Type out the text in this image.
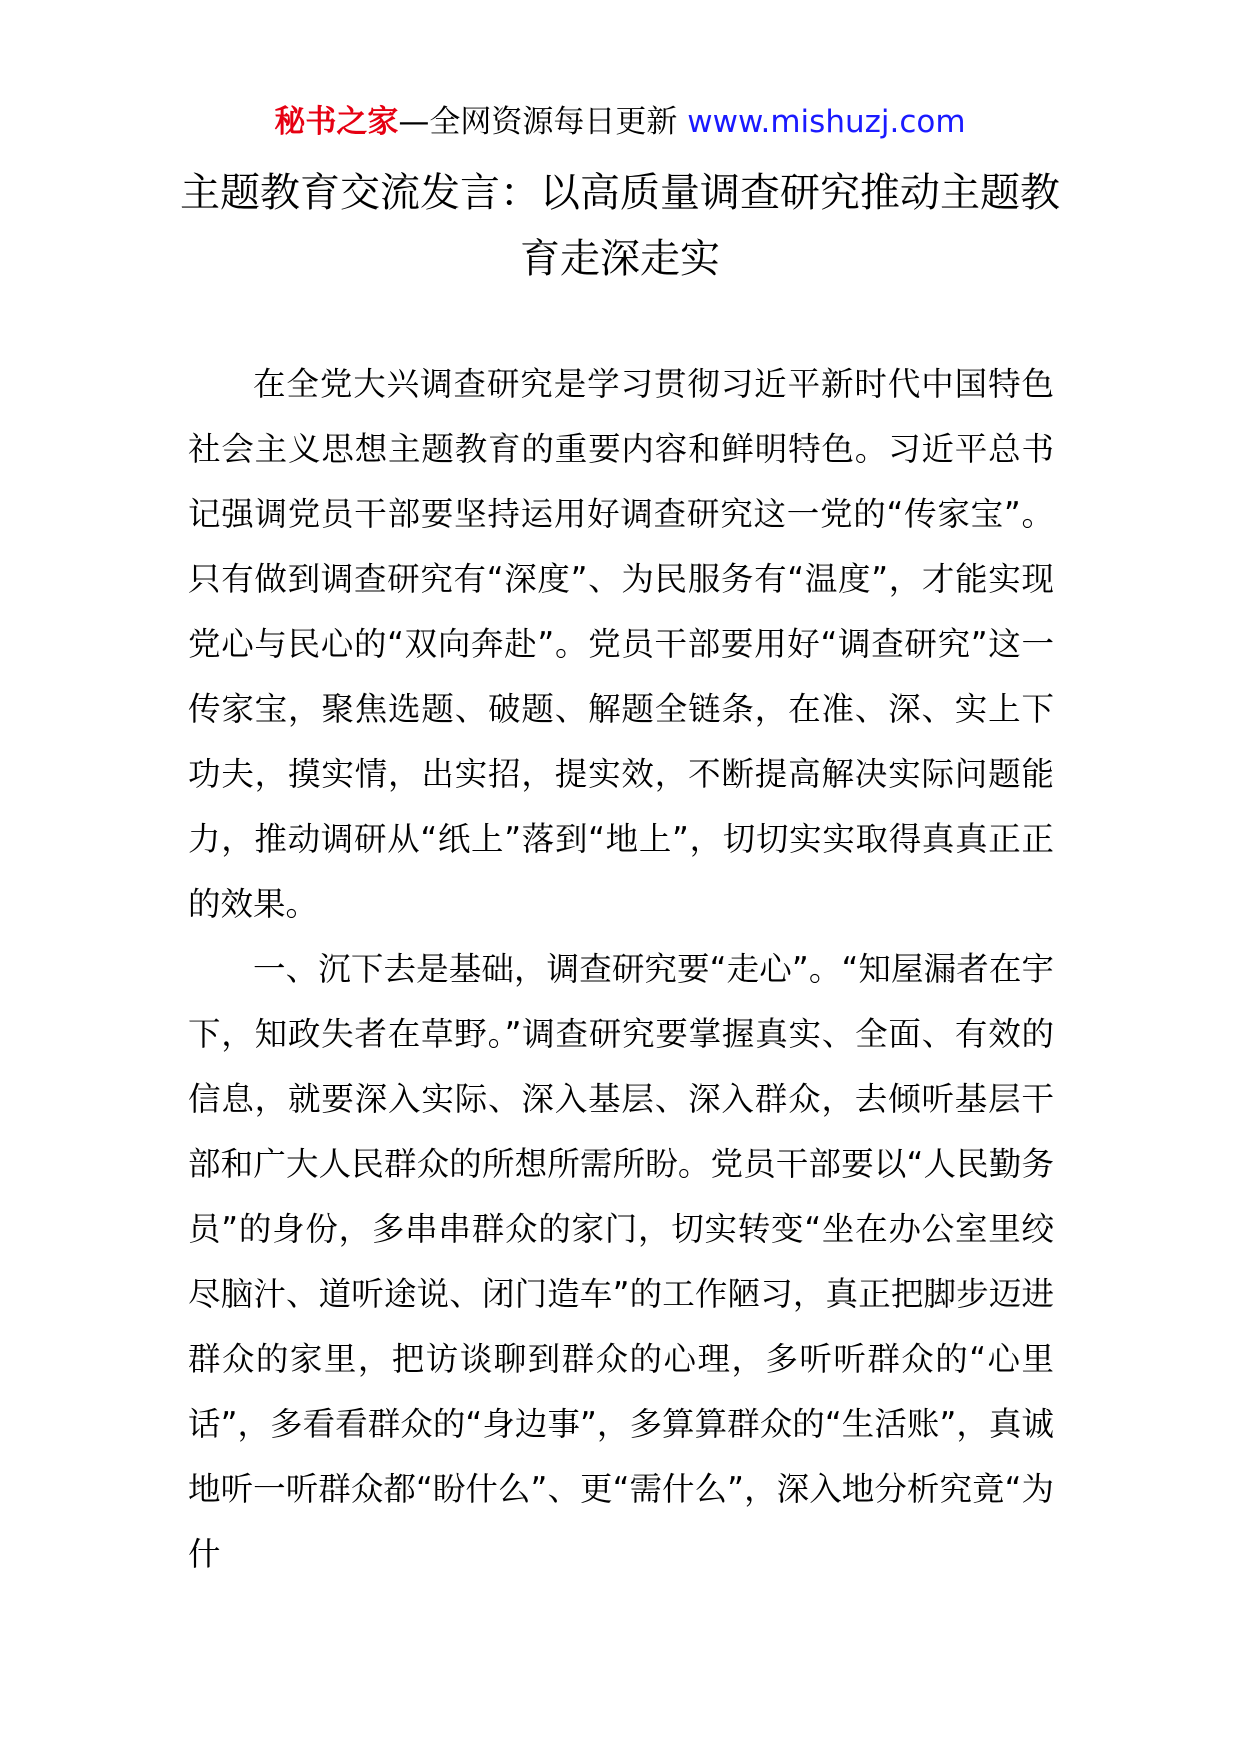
秘书之家—全网资源每日更新 www.mishuzj.com
主题教育交流发言：以高质量调查研究推动主题教育走深走实

在全党大兴调查研究是学习贯彻习近平新时代中国特色社会主义思想主题教育的重要内容和鲜明特色。习近平总书记强调党员干部要坚持运用好调查研究这一党的“传家宝”。只有做到调查研究有“深度”、为民服务有“温度”，才能实现党心与民心的“双向奔赴”。党员干部要用好“调查研究”这一传家宝，聚焦选题、破题、解题全链条，在准、深、实上下功夫，摸实情，出实招，提实效，不断提高解决实际问题能力，推动调研从“纸上”落到“地上”，切切实实取得真真正正的效果。

一、沉下去是基础，调查研究要“走心”。“知屋漏者在宇下，知政失者在草野。”调查研究要掌握真实、全面、有效的信息，就要深入实际、深入基层、深入群众，去倾听基层干部和广大人民群众的所想所需所盼。党员干部要以“人民勤务员”的身份，多串串群众的家门，切实转变“坐在办公室里绞尽脑汁、道听途说、闭门造车”的工作陋习，真正把脚步迈进群众的家里，把访谈聊到群众的心理，多听听群众的“心里话”，多看看群众的“身边事”，多算算群众的“生活账”，真诚地听一听群众都“盼什么”、更“需什么”，深入地分析究竟“为什
